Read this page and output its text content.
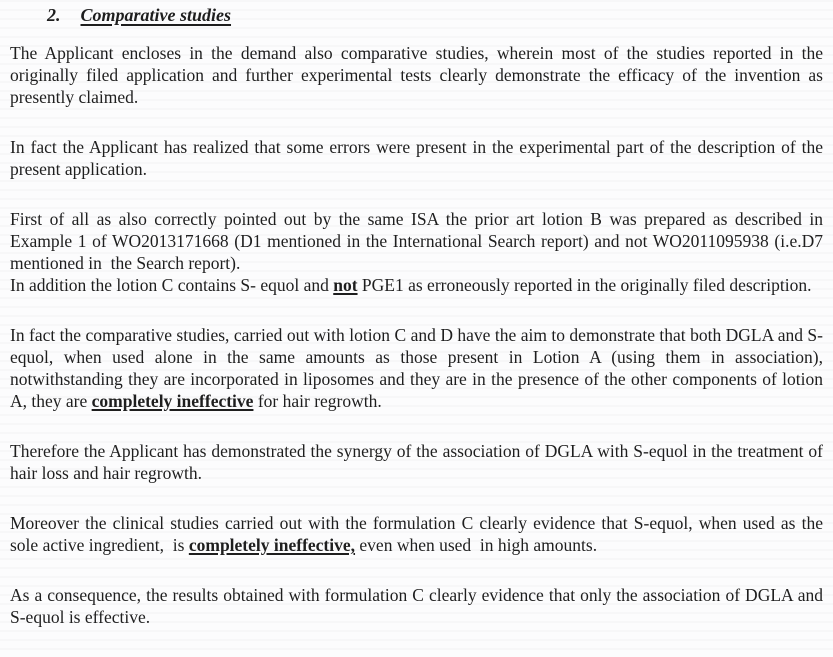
2. Comparative studies
The Applicant encloses in the demand also comparative studies, wherein most of the studies reported in the originally filed application and further experimental tests clearly demonstrate the efficacy of the invention as presently claimed.
In fact the Applicant has realized that some errors were present in the experimental part of the description of the present application.
First of all as also correctly pointed out by the same ISA the prior art lotion B was prepared as described in Example 1 of WO2013171668 (D1 mentioned in the International Search report) and not WO2011095938 (i.e.D7 mentioned in  the Search report).
In addition the lotion C contains S- equol and not PGE1 as erroneously reported in the originally filed description.
In fact the comparative studies, carried out with lotion C and D have the aim to demonstrate that both DGLA and S-equol, when used alone in the same amounts as those present in Lotion A (using them in association), notwithstanding they are incorporated in liposomes and they are in the presence of the other components of lotion A, they are completely ineffective for hair regrowth.
Therefore the Applicant has demonstrated the synergy of the association of DGLA with S-equol in the treatment of hair loss and hair regrowth.
Moreover the clinical studies carried out with the formulation C clearly evidence that S-equol, when used as the sole active ingredient,  is completely ineffective, even when used  in high amounts.
As a consequence, the results obtained with formulation C clearly evidence that only the association of DGLA and S-equol is effective.
